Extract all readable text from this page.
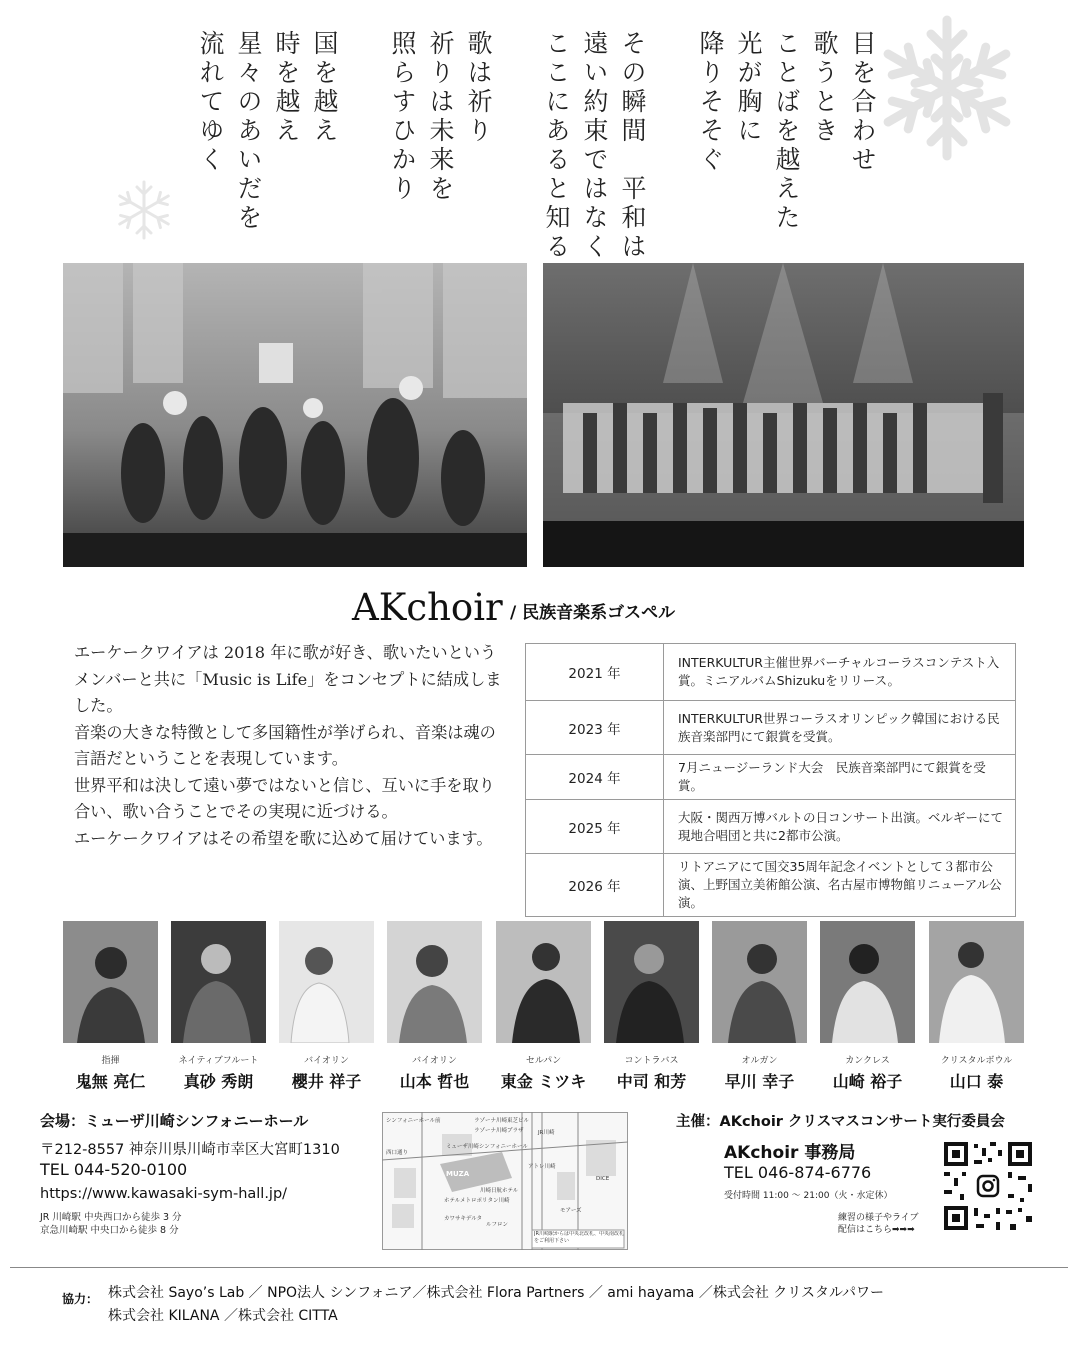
目を合わせ
歌うとき
ことばを越えた
光が胸に
降りそそぐ
その瞬間　平和は
遠い約束ではなく
ここにあると知る
歌は祈り
祈りは未来を
照らすひかり
国を越え
時を越え
星々のあいだを
流れてゆく
AKchoir / 民族音楽系ゴスペル

エーケークワイアは 2018 年に歌が好き、歌いたいというメンバーと共に「Music is Life」をコンセプトに結成しました。

音楽の大きな特徴として多国籍性が挙げられ、音楽は魂の言語だということを表現しています。

世界平和は決して遠い夢ではないと信じ、互いに手を取り合い、歌い合うことでその実現に近づける。

エーケークワイアはその希望を歌に込めて届けています。

2021 年	INTERKULTUR主催世界バーチャルコーラスコンテスト入賞。ミニアルバムShizukuをリリース。
2023 年	INTERKULTUR世界コーラスオリンピック韓国における民族音楽部門にて銀賞を受賞。
2024 年	7月ニュージーランド大会　民族音楽部門にて銀賞を受賞。
2025 年	大阪・関西万博バルトの日コンサート出演。ベルギーにて現地合唱団と共に2都市公演。
2026 年	リトアニアにて国交35周年記念イベントとして３都市公演、上野国立美術館公演、名古屋市博物館リニューアル公演。
指揮
鬼無 亮仁
ネイティブフルート
真砂 秀朗
バイオリン
櫻井 祥子
バイオリン
山本 哲也
セルパン
東金 ミツキ
コントラバス
中司 和芳
オルガン
早川 幸子
カンクレス
山崎 裕子
クリスタルボウル
山口 泰
会場：ミューザ川崎シンフォニーホール
〒212-8557 神奈川県川崎市幸区大宮町1310
TEL 044-520-0100
https://www.kawasaki-sym-hall.jp/
JR 川崎駅 中央西口から徒歩 3 分
京急川崎駅 中央口から徒歩 8 分
シンフォニーホール前	ラゾーナ川崎東芝ビル
ラゾーナ川崎プラザ
西口通り
ミューザ川崎シンフォニーホール
MUZA
アトレ川崎
ホテルメトロポリタン川崎
川崎日航ホテル
カワサキデルタ
ルフロン
モアーズ
DICE
JR川崎
JR川崎駅からは中央北改札、中央南改札をご利用下さい
主催：AKchoir クリスマスコンサート実行委員会
AKchoir 事務局
TEL 046-874-6776
受付時間 11:00 ～ 21:00（火・水定休）
練習の様子やライブ
配信はこちら➡➡➡
協力： 株式会社 Sayo’s Lab ／ NPO法人 シンフォニア／株式会社 Flora Partners ／ ami hayama ／株式会社 クリスタルパワー
株式会社 KILANA ／株式会社 CITTA
